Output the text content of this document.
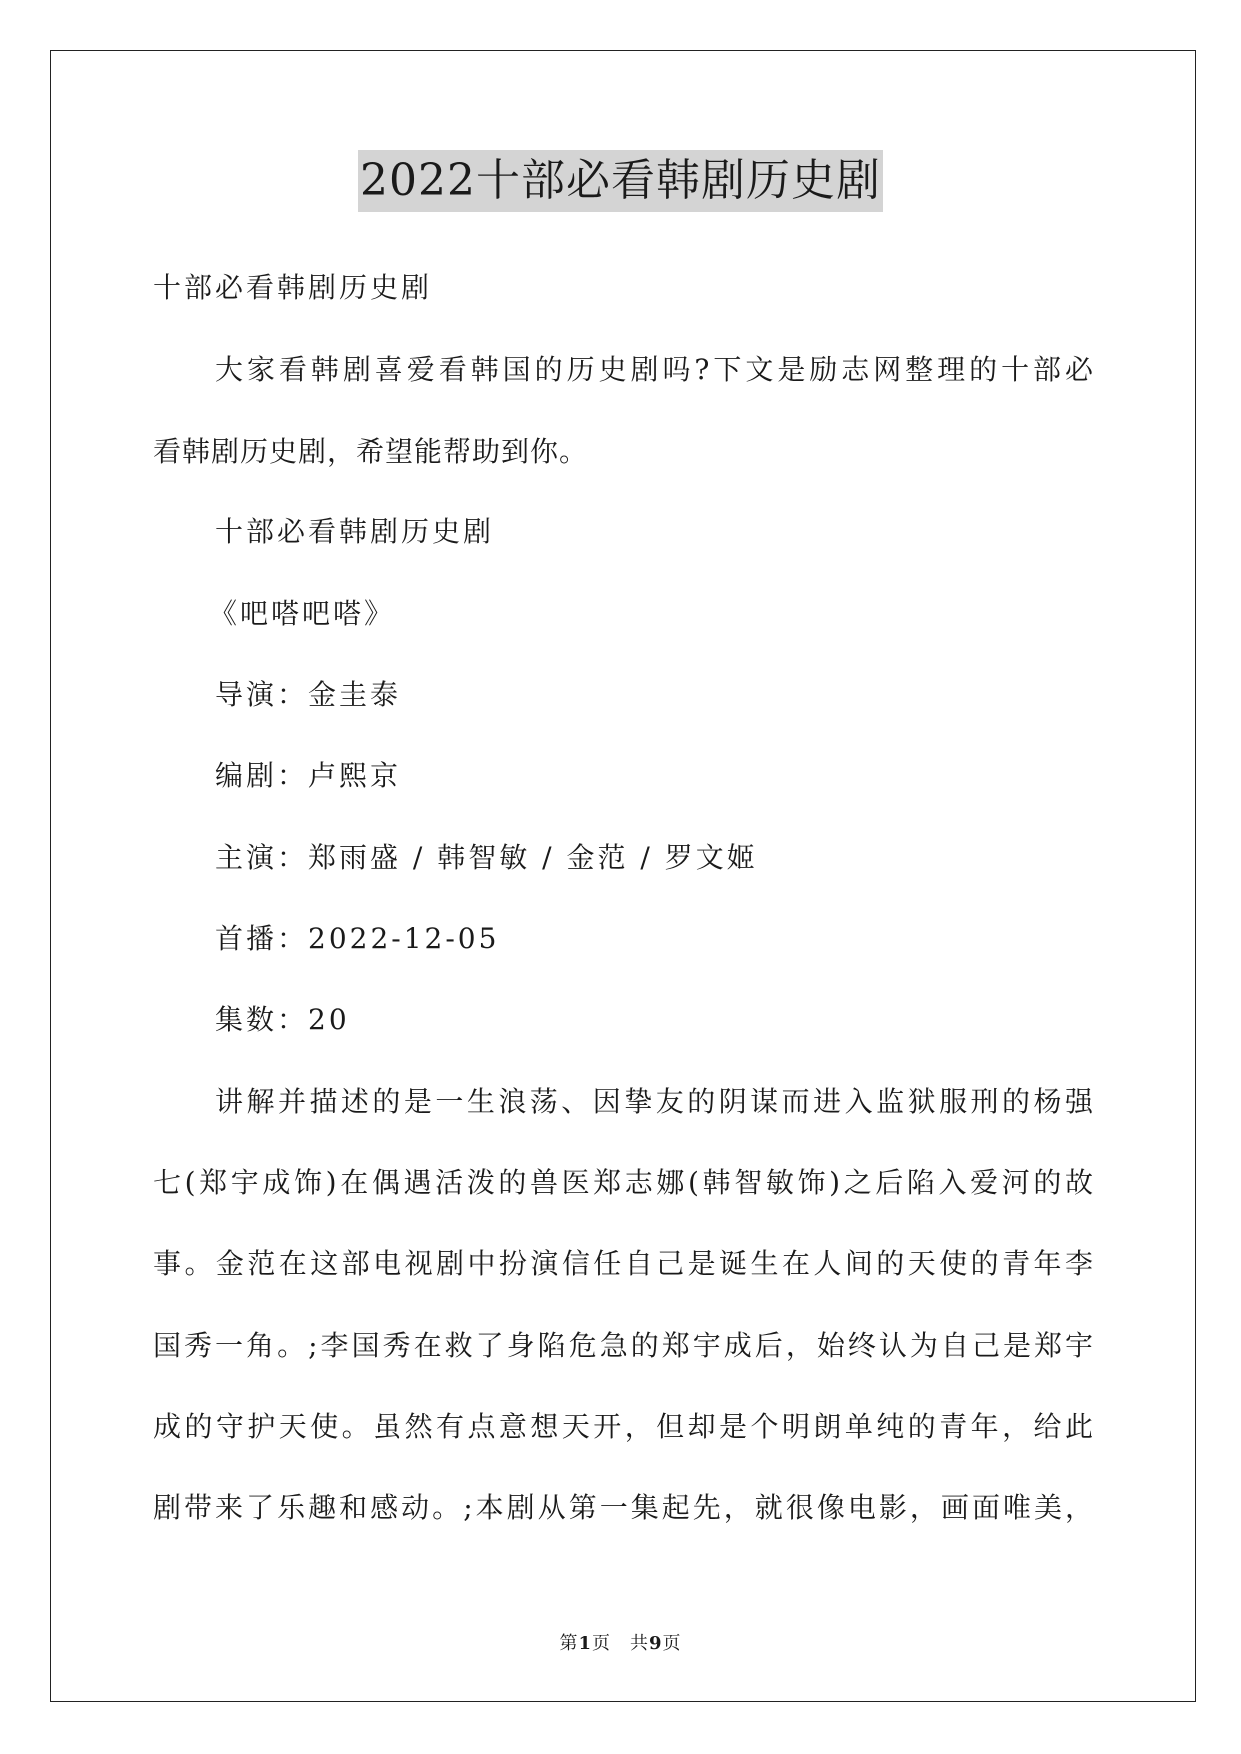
2022十部必看韩剧历史剧
十部必看韩剧历史剧
大家看韩剧喜爱看韩国的历史剧吗?下文是励志网整理的十部必
看韩剧历史剧，希望能帮助到你。
十部必看韩剧历史剧
《吧嗒吧嗒》
导演：金圭泰
编剧：卢熙京
主演：郑雨盛 / 韩智敏 / 金范 / 罗文姬
首播：2022-12-05
集数：20
讲解并描述的是一生浪荡、因挚友的阴谋而进入监狱服刑的杨强
七(郑宇成饰)在偶遇活泼的兽医郑志娜(韩智敏饰)之后陷入爱河的故
事。金范在这部电视剧中扮演信任自己是诞生在人间的天使的青年李
国秀一角。;李国秀在救了身陷危急的郑宇成后，始终认为自己是郑宇
成的守护天使。虽然有点意想天开，但却是个明朗单纯的青年，给此
剧带来了乐趣和感动。;本剧从第一集起先，就很像电影，画面唯美，
第1页　共9页
